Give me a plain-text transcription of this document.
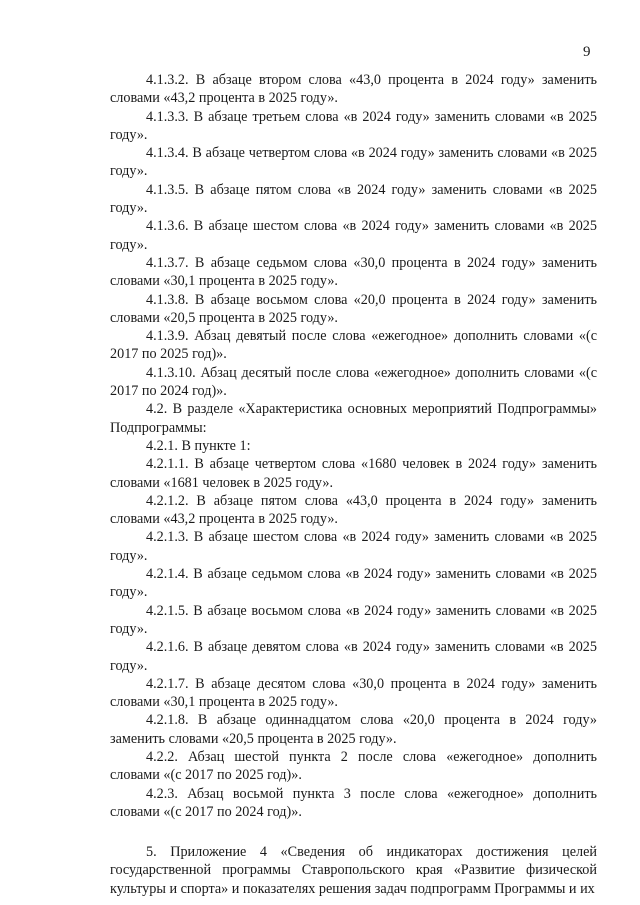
9

4.1.3.2. В абзаце втором слова «43,0 процента в 2024 году» заменить словами «43,2 процента в 2025 году».

4.1.3.3. В абзаце третьем слова «в 2024 году» заменить словами «в 2025 году».

4.1.3.4. В абзаце четвертом слова «в 2024 году» заменить словами «в 2025 году».

4.1.3.5. В абзаце пятом слова «в 2024 году» заменить словами «в 2025 году».

4.1.3.6. В абзаце шестом слова «в 2024 году» заменить словами «в 2025 году».

4.1.3.7. В абзаце седьмом слова «30,0 процента в 2024 году» заменить словами «30,1 процента в 2025 году».

4.1.3.8. В абзаце восьмом слова «20,0 процента в 2024 году» заменить словами «20,5 процента в 2025 году».

4.1.3.9. Абзац девятый после слова «ежегодное» дополнить словами «(с 2017 по 2025 год)».

4.1.3.10. Абзац десятый после слова «ежегодное» дополнить словами «(с 2017 по 2024 год)».

4.2. В разделе «Характеристика основных мероприятий Подпрограммы» Подпрограммы:

4.2.1. В пункте 1:

4.2.1.1. В абзаце четвертом слова «1680 человек в 2024 году» заменить словами «1681 человек в 2025 году».

4.2.1.2. В абзаце пятом слова «43,0 процента в 2024 году» заменить словами «43,2 процента в 2025 году».

4.2.1.3. В абзаце шестом слова «в 2024 году» заменить словами «в 2025 году».

4.2.1.4. В абзаце седьмом слова «в 2024 году» заменить словами «в 2025 году».

4.2.1.5. В абзаце восьмом слова «в 2024 году» заменить словами «в 2025 году».

4.2.1.6. В абзаце девятом слова «в 2024 году» заменить словами «в 2025 году».

4.2.1.7. В абзаце десятом слова «30,0 процента в 2024 году» заменить словами «30,1 процента в 2025 году».

4.2.1.8. В абзаце одиннадцатом слова «20,0 процента в 2024 году» заменить словами «20,5 процента в 2025 году».

4.2.2. Абзац шестой пункта 2 после слова «ежегодное» дополнить словами «(с 2017 по 2025 год)».

4.2.3. Абзац восьмой пункта 3 после слова «ежегодное» дополнить словами «(с 2017 по 2024 год)».

5. Приложение 4 «Сведения об индикаторах достижения целей государственной программы Ставропольского края «Развитие физической культуры и спорта» и показателях решения задач подпрограмм Программы и их
